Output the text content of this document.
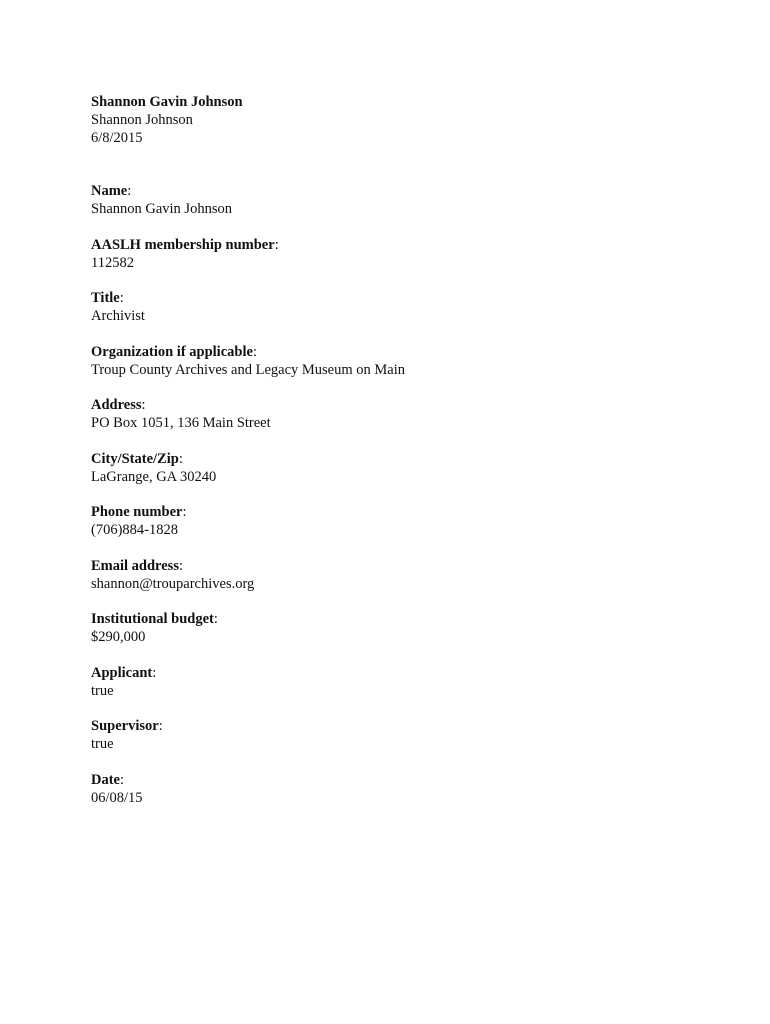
Shannon Gavin Johnson
Shannon Johnson
6/8/2015
Name:
Shannon Gavin Johnson
AASLH membership number:
112582
Title:
Archivist
Organization if applicable:
Troup County Archives and Legacy Museum on Main
Address:
PO Box 1051, 136 Main Street
City/State/Zip:
LaGrange, GA 30240
Phone number:
(706)884-1828
Email address:
shannon@trouparchives.org
Institutional budget:
$290,000
Applicant:
true
Supervisor:
true
Date:
06/08/15
